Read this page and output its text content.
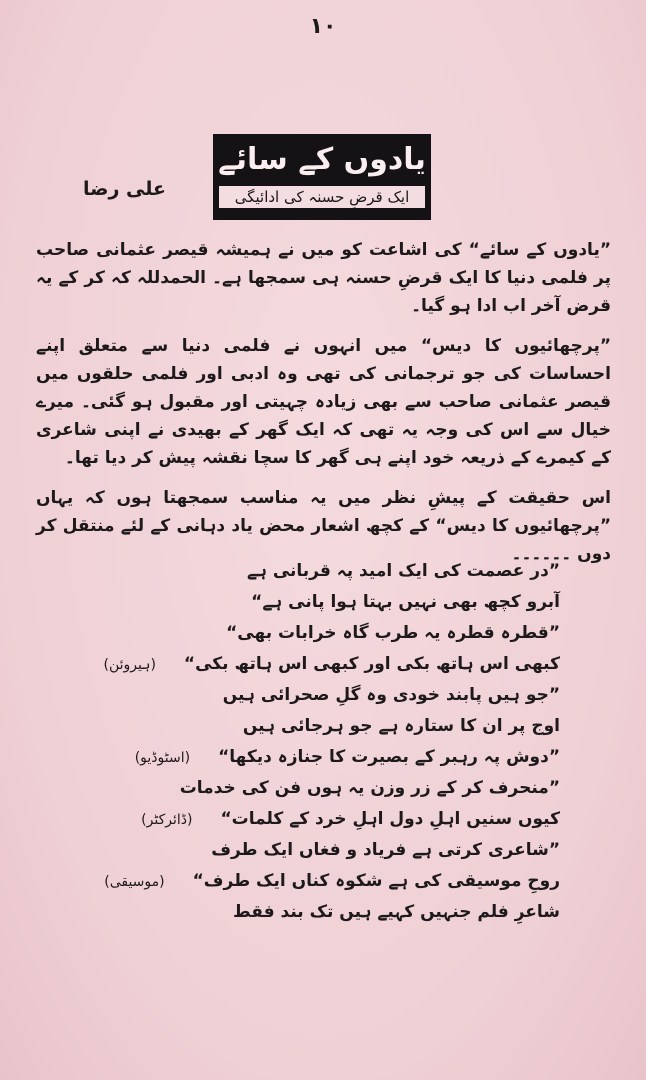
۱۰
یادوں کے سائے
ایک قرضِ حسنہ کی ادائیگی
علی رضا

”یادوں کے سائے“ کی اشاعت کو میں نے ہمیشہ قیصر عثمانی صاحب پر فلمی دنیا کا ایک قرضِ حسنہ ہی سمجھا ہے۔ الحمدللہ کہ کر کے یہ قرض آخر اب ادا ہو گیا۔

”پرچھائیوں کا دیس“ میں انہوں نے فلمی دنیا سے متعلق اپنے احساسات کی جو ترجمانی کی تھی وہ ادبی اور فلمی حلقوں میں قیصر عثمانی صاحب سے بھی زیادہ چہیتی اور مقبول ہو گئی۔ میرے خیال سے اس کی وجہ یہ تھی کہ ایک گھر کے بھیدی نے اپنی شاعری کے کیمرے کے ذریعہ خود اپنے ہی گھر کا سچا نقشہ پیش کر دیا تھا۔

اس حقیقت کے پیشِ نظر میں یہ مناسب سمجھتا ہوں کہ یہاں ”پرچھائیوں کا دیس“ کے کچھ اشعار محض یاد دہانی کے لئے منتقل کر دوں ۔۔۔۔۔۔

”در عصمت کی ایک امید پہ قربانی ہے
آبرو کچھ بھی نہیں بہتا ہوا پانی ہے“
”قطرہ قطرہ یہ طرب گاہ خرابات بھی“
کبھی اس ہاتھ بکی اور کبھی اس ہاتھ بکی“
(ہیروئن)
”جو ہیں پابند خودی وہ گلِ صحرائی ہیں
اوج پر ان کا ستارہ ہے جو ہرجائی ہیں
”دوش پہ رہبر کے بصیرت کا جنازہ دیکھا“
(اسٹوڈیو)
”منحرف کر کے زر وزن یہ ہوں فن کی خدمات
کیوں سنیں اہلِ دول اہلِ خرد کے کلمات“
(ڈائرکٹر)
”شاعری کرتی ہے فریاد و فغاں ایک طرف
روحِ موسیقی کی ہے شکوہ کناں ایک طرف“
(موسیقی)
شاعرِ فلم جنہیں کہیے ہیں تک بند فقط
